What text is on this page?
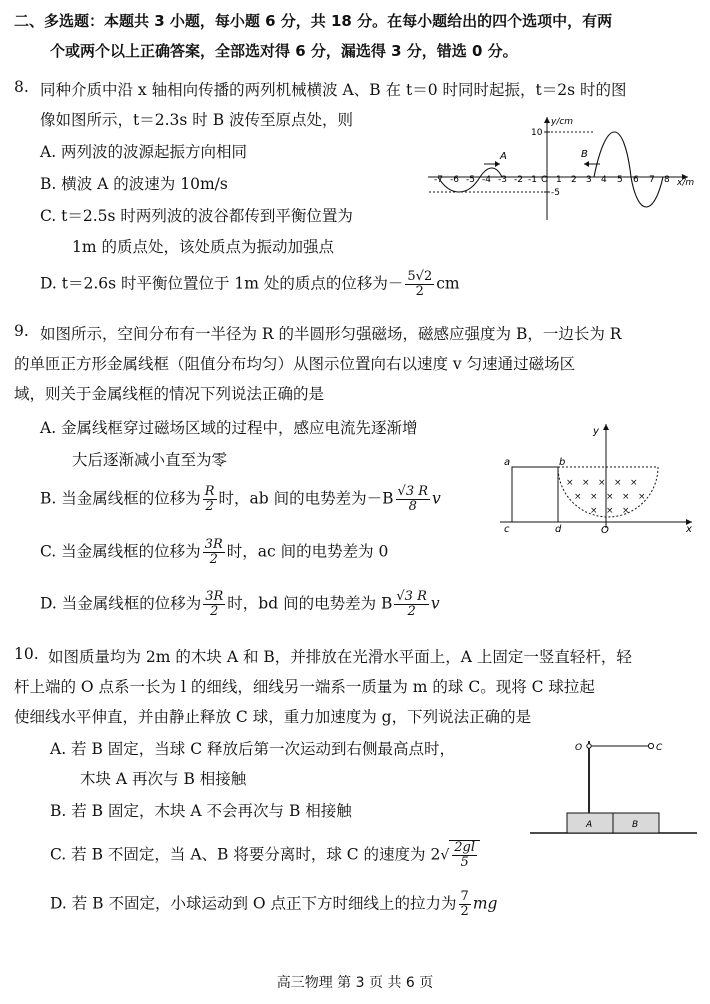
二、多选题：本题共 3 小题，每小题 6 分，共 18 分。在每小题给出的四个选项中，有两
个或两个以上正确答案，全部选对得 6 分，漏选得 3 分，错选 0 分。
8. 同种介质中沿 x 轴相向传播的两列机械横波 A、B 在 t＝0 时同时起振，t＝2s 时的图
像如图所示，t＝2.3s 时 B 波传至原点处，则
A. 两列波的波源起振方向相同
B. 横波 A 的波速为 10m/s
C. t＝2.5s 时两列波的波谷都传到平衡位置为
1m 的质点处，该处质点为振动加强点
D. t＝2.6s 时平衡位置位于 1m 处的质点的位移为－ $\frac{5√2}{2}$ cm
y/cm
x/m
10
-5
-7 -6 -5 -4 -3 -2 -1 O 1 2 3 4 5 6 7 8
A	B
9. 如图所示，空间分布有一半径为 R 的半圆形匀强磁场，磁感应强度为 B，一边长为 R
的单匝正方形金属线框（阻值分布均匀）从图示位置向右以速度 v 匀速通过磁场区
域，则关于金属线框的情况下列说法正确的是
A. 金属线框穿过磁场区域的过程中，感应电流先逐渐增
大后逐渐减小直至为零
B. 当金属线框的位移为 $\frac{R}{2}$ 时，ab 间的电势差为$-B \frac{√3 R}{8}$ v
C. 当金属线框的位移为 $\frac{3R}{2}$ 时，ac 间的电势差为 0
D. 当金属线框的位移为 $\frac{3R}{2}$ 时，bd 间的电势差为 B $\frac{√3 R}{2}$ v
x
y
a	b
c	d
× × × × ×
× × × × ×
× × ×
O
10. 如图质量均为 2m 的木块 A 和 B，并排放在光滑水平面上，A 上固定一竖直轻杆，轻
杆上端的 O 点系一长为 l 的细线，细线另一端系一质量为 m 的球 C。现将 C 球拉起
使细线水平伸直，并由静止释放 C 球，重力加速度为 g，下列说法正确的是
A. 若 B 固定，当球 C 释放后第一次运动到右侧最高点时，
木块 A 再次与 B 相接触
B. 若 B 固定，木块 A 不会再次与 B 相接触
C. 若 B 不固定，当 A、B 将要分离时，球 C 的速度为 $2√ \frac{2gl}{5}$
D. 若 B 不固定，小球运动到 O 点正下方时细线上的拉力为 $\frac{7}{2}$ mg
A	B
O	C
高三物理 第 3 页 共 6 页
